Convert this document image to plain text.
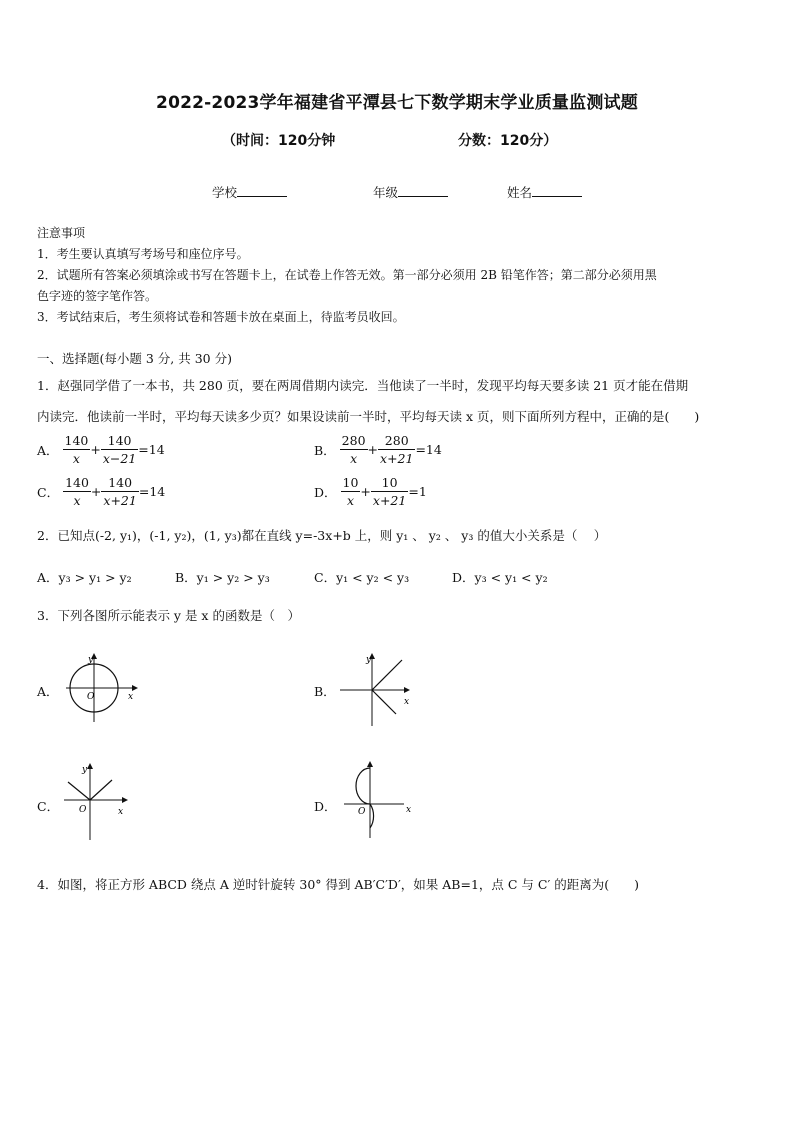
2022-2023学年福建省平潭县七下数学期末学业质量监测试题
（时间：120分钟	分数：120分）
学校	年级	姓名
注意事项
1．考生要认真填写考场号和座位序号。
2．试题所有答案必须填涂或书写在答题卡上，在试卷上作答无效。第一部分必须用 2B 铅笔作答；第二部分必须用黑
色字迹的签字笔作答。
3．考试结束后，考生须将试卷和答题卡放在桌面上，待监考员收回。
一、选择题(每小题 3 分, 共 30 分)
1．赵强同学借了一本书，共 280 页，要在两周借期内读完．当他读了一半时，发现平均每天要多读 21 页才能在借期
内读完．他读前一半时，平均每天读多少页？如果设读前一半时，平均每天读 x 页，则下面所列方程中，正确的是(　　)
A． $\frac{140}{x} + \frac{140}{x-21} =14$	B． $\frac{280}{x} + \frac{280}{x+21} =14$
C． $\frac{140}{x} + \frac{140}{x+21} =14$	D． $\frac{10}{x} + \frac{10}{x+21} =1$
2．已知点(-2, y₁)，(-1, y₂)，(1, y₃)都在直线 y=-3x+b 上，则 y₁ 、 y₂ 、 y₃ 的值大小关系是（　 ）
A．y₃ > y₁ > y₂	B．y₁ > y₂ > y₃	C．y₁ < y₂ < y₃	D．y₃ < y₁ < y₂
3．下列各图所示能表示 y 是 x 的函数是（　）
A．	x
y
O	B．
x
y
C．	x
y
O	D．	x
O
4．如图，将正方形 ABCD 绕点 A 逆时针旋转 30° 得到 AB′C′D′，如果 AB=1，点 C 与 C′ 的距离为(　　)
